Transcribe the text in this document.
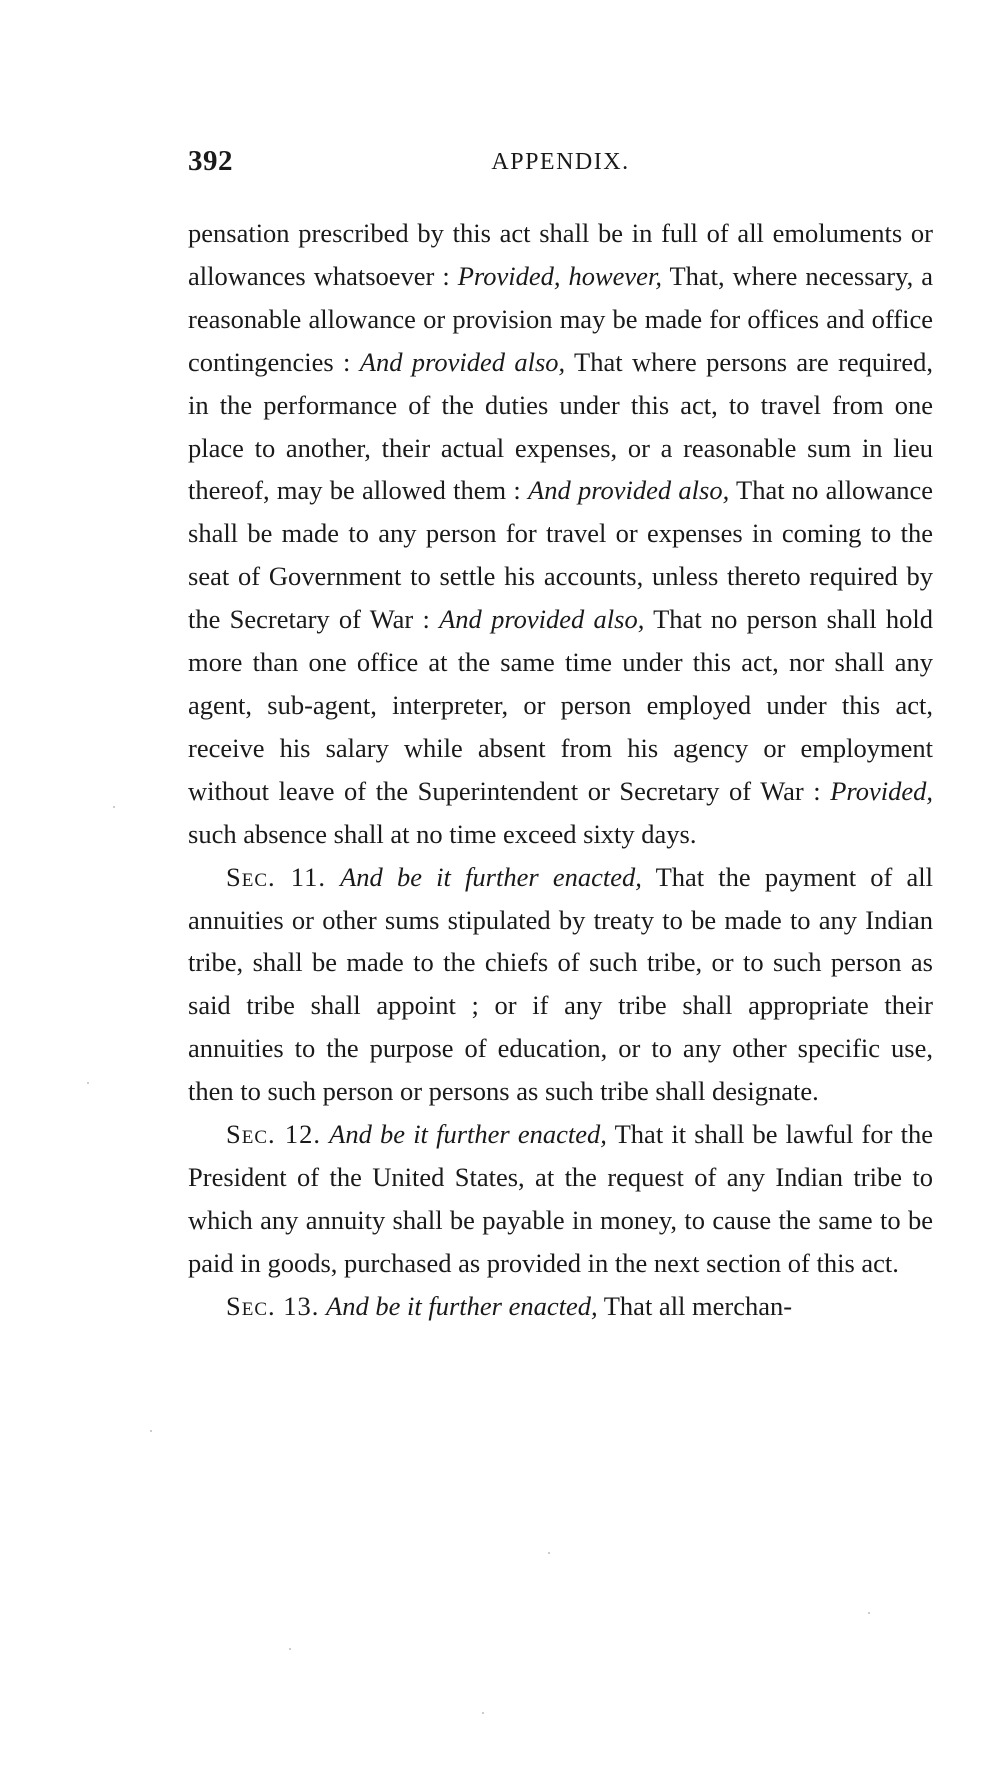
392	APPENDIX.

pensation prescribed by this act shall be in full of all emoluments or allowances whatsoever : Provided, however, That, where necessary, a reasonable allowance or provision may be made for offices and office contingencies : And provided also, That where persons are required, in the performance of the duties under this act, to travel from one place to another, their actual expenses, or a reasonable sum in lieu thereof, may be allowed them : And provided also, That no allowance shall be made to any person for travel or expenses in coming to the seat of Government to settle his accounts, unless thereto required by the Secretary of War : And provided also, That no person shall hold more than one office at the same time under this act, nor shall any agent, sub-agent, interpreter, or person employed under this act, receive his salary while absent from his agency or employment without leave of the Superintendent or Secretary of War : Provided, such absence shall at no time exceed sixty days.

Sec. 11. And be it further enacted, That the payment of all annuities or other sums stipulated by treaty to be made to any Indian tribe, shall be made to the chiefs of such tribe, or to such person as said tribe shall appoint ; or if any tribe shall appropriate their annuities to the purpose of education, or to any other specific use, then to such person or persons as such tribe shall designate.

Sec. 12. And be it further enacted, That it shall be lawful for the President of the United States, at the request of any Indian tribe to which any annuity shall be payable in money, to cause the same to be paid in goods, purchased as provided in the next section of this act.

Sec. 13. And be it further enacted, That all merchan-
